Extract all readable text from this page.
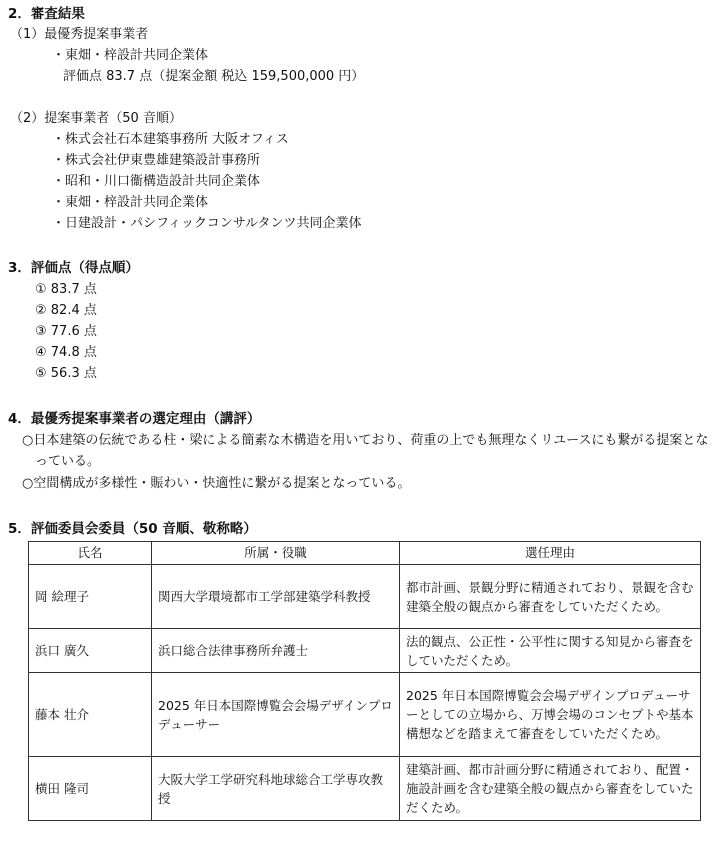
2．審査結果
（1）最優秀提案事業者
・東畑・梓設計共同企業体
評価点 83.7 点（提案金額 税込 159,500,000 円）
（2）提案事業者（50 音順）
・株式会社石本建築事務所 大阪オフィス
・株式会社伊東豊雄建築設計事務所
・昭和・川口衞構造設計共同企業体
・東畑・梓設計共同企業体
・日建設計・パシフィックコンサルタンツ共同企業体
3．評価点（得点順）
① 83.7 点
② 82.4 点
③ 77.6 点
④ 74.8 点
⑤ 56.3 点
4．最優秀提案事業者の選定理由（講評）
○日本建築の伝統である柱・梁による簡素な木構造を用いており、荷重の上でも無理なくリユースにも繋がる提案となっている。
○空間構成が多様性・賑わい・快適性に繋がる提案となっている。
5．評価委員会委員（50 音順、敬称略）
氏名	所属・役職	選任理由
岡 絵理子	関西大学環境都市工学部建築学科教授	都市計画、景観分野に精通されており、景観を含む建築全般の観点から審査をしていただくため。
浜口 廣久	浜口総合法律事務所弁護士	法的観点、公正性・公平性に関する知見から審査をしていただくため。
藤本 壮介	2025 年日本国際博覧会会場デザインプロデューサー	2025 年日本国際博覧会会場デザインプロデューサーとしての立場から、万博会場のコンセプトや基本構想などを踏まえて審査をしていただくため。
横田 隆司	大阪大学工学研究科地球総合工学専攻教授	建築計画、都市計画分野に精通されており、配置・施設計画を含む建築全般の観点から審査をしていただくため。
